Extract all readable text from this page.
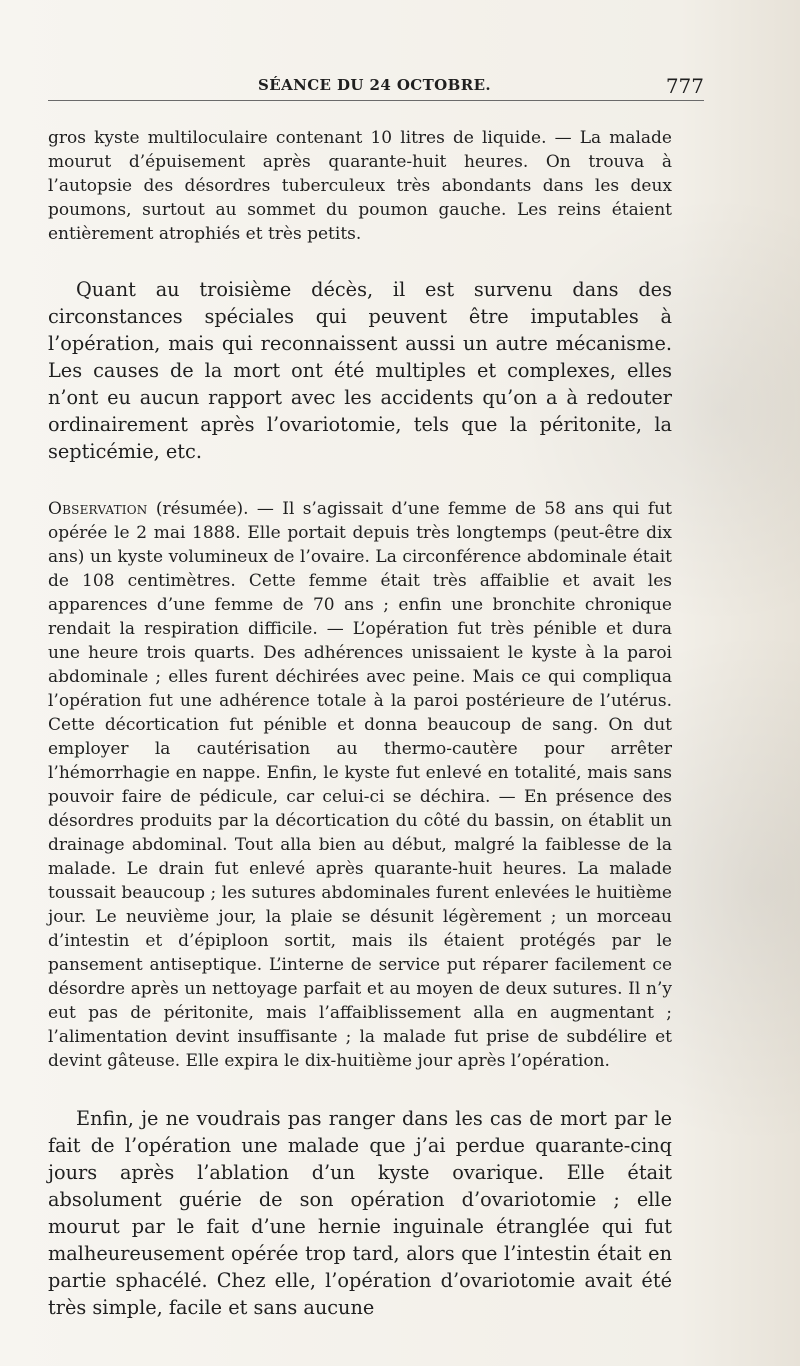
SÉANCE DU 24 OCTOBRE.	777

gros kyste multiloculaire contenant 10 litres de liquide. — La malade mourut d’épuisement après quarante-huit heures. On trouva à l’autopsie des désordres tuberculeux très abondants dans les deux poumons, surtout au sommet du poumon gauche. Les reins étaient entièrement atrophiés et très petits.

Quant au troisième décès, il est survenu dans des circonstances spéciales qui peuvent être imputables à l’opération, mais qui reconnaissent aussi un autre mécanisme. Les causes de la mort ont été multiples et complexes, elles n’ont eu aucun rapport avec les accidents qu’on a à redouter ordinairement après l’ovariotomie, tels que la péritonite, la septicémie, etc.

Observation (résumée). — Il s’agissait d’une femme de 58 ans qui fut opérée le 2 mai 1888. Elle portait depuis très longtemps (peut-être dix ans) un kyste volumineux de l’ovaire. La circonférence abdominale était de 108 centimètres. Cette femme était très affaiblie et avait les apparences d’une femme de 70 ans ; enfin une bronchite chronique rendait la respiration difficile. — L’opération fut très pénible et dura une heure trois quarts. Des adhérences unissaient le kyste à la paroi abdominale ; elles furent déchirées avec peine. Mais ce qui compliqua l’opération fut une adhérence totale à la paroi postérieure de l’utérus. Cette décortication fut pénible et donna beaucoup de sang. On dut employer la cautérisation au thermo-cautère pour arrêter l’hémorrhagie en nappe. Enfin, le kyste fut enlevé en totalité, mais sans pouvoir faire de pédicule, car celui-ci se déchira. — En présence des désordres produits par la décortication du côté du bassin, on établit un drainage abdominal. Tout alla bien au début, malgré la faiblesse de la malade. Le drain fut enlevé après quarante-huit heures. La malade toussait beaucoup ; les sutures abdominales furent enlevées le huitième jour. Le neuvième jour, la plaie se désunit légèrement ; un morceau d’intestin et d’épiploon sortit, mais ils étaient protégés par le pansement antiseptique. L’interne de service put réparer facilement ce désordre après un nettoyage parfait et au moyen de deux sutures. Il n’y eut pas de péritonite, mais l’affaiblissement alla en augmentant ; l’alimentation devint insuffisante ; la malade fut prise de subdélire et devint gâteuse. Elle expira le dix-huitième jour après l’opération.

Enfin, je ne voudrais pas ranger dans les cas de mort par le fait de l’opération une malade que j’ai perdue quarante-cinq jours après l’ablation d’un kyste ovarique. Elle était absolument guérie de son opération d’ovariotomie ; elle mourut par le fait d’une hernie inguinale étranglée qui fut malheureusement opérée trop tard, alors que l’intestin était en partie sphacélé. Chez elle, l’opération d’ovariotomie avait été très simple, facile et sans aucune
